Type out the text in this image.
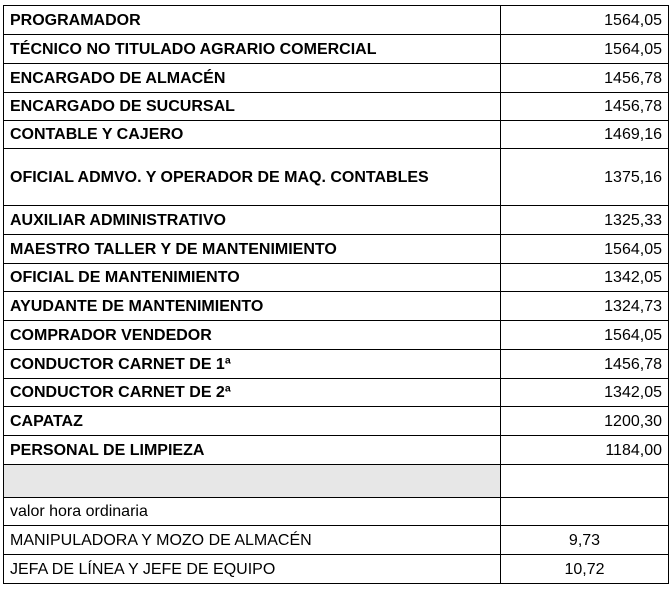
PROGRAMADOR	1564,05
TÉCNICO NO TITULADO AGRARIO COMERCIAL	1564,05
ENCARGADO DE ALMACÉN	1456,78
ENCARGADO DE SUCURSAL	1456,78
CONTABLE Y CAJERO	1469,16
OFICIAL ADMVO. Y OPERADOR DE MAQ. CONTABLES	1375,16
AUXILIAR ADMINISTRATIVO	1325,33
MAESTRO TALLER Y DE MANTENIMIENTO	1564,05
OFICIAL DE MANTENIMIENTO	1342,05
AYUDANTE DE MANTENIMIENTO	1324,73
COMPRADOR VENDEDOR	1564,05
CONDUCTOR CARNET DE 1ª	1456,78
CONDUCTOR CARNET DE 2ª	1342,05
CAPATAZ	1200,30
PERSONAL DE LIMPIEZA	1184,00

valor hora ordinaria	
MANIPULADORA Y MOZO DE ALMACÉN	9,73
JEFA DE LÍNEA Y JEFE DE EQUIPO	10,72
